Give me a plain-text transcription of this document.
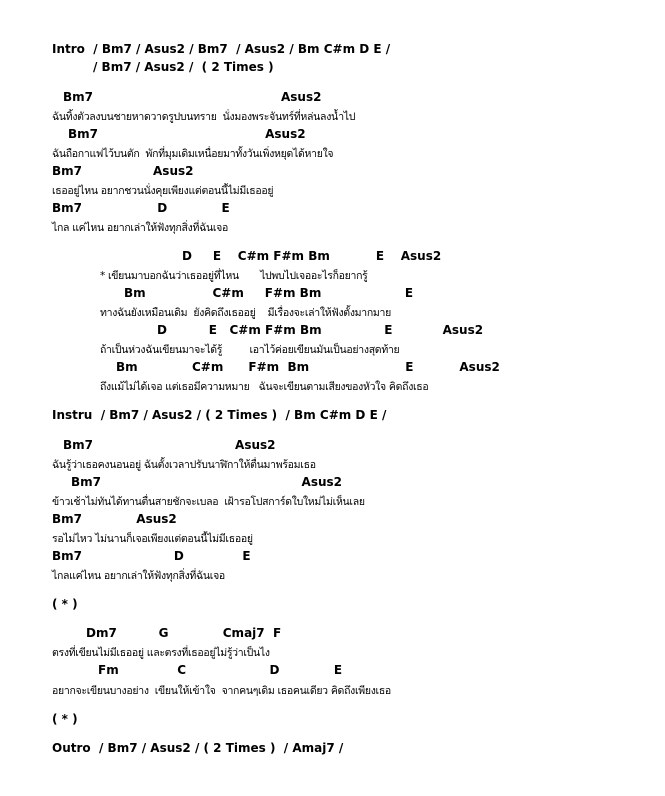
Intro  / Bm7 / Asus2 / Bm7  / Asus2 / Bm C#m D E /
/ Bm7 / Asus2 /  ( 2 Times )
Bm7                                             Asus2
ฉันทิ้งตัวลงบนชายหาดวาดรูปบนทราย  นั่งมองพระจันทร์ที่หล่นลงน้ำไป
Bm7                                        Asus2
ฉันถือกาแฟไว้บนตัก  พักที่มุมเดิมเหนื่อยมาทั้งวันเพิ่งหยุดได้หายใจ
Bm7                 Asus2
เธออยู่ไหน อยากชวนนั่งคุยเพียงแต่ตอนนี้ไม่มีเธออยู่
Bm7                  D             E
ไกล แค่ไหน อยากเล่าให้ฟังทุกสิ่งที่ฉันเจอ
D     E    C#m F#m Bm           E    Asus2
* เขียนมาบอกฉันว่าเธออยู่ที่ไหน       ไปพบไปเจออะไรก็อยากรู้
Bm                C#m     F#m Bm                    E
ทางฉันยังเหมือนเดิม  ยังคิดถึงเธออยู่    มีเรื่องจะเล่าให้ฟังตั้งมากมาย
D          E   C#m F#m Bm               E            Asus2
ถ้าเป็นห่วงฉันเขียนมาจะได้รู้         เอาไว้ค่อยเขียนมันเป็นอย่างสุดท้าย
Bm             C#m      F#m  Bm                       E           Asus2
ถึงแม้ไม่ได้เจอ แต่เธอมีความหมาย   ฉันจะเขียนตามเสียงของหัวใจ คิดถึงเธอ
Instru  / Bm7 / Asus2 / ( 2 Times )  / Bm C#m D E /
Bm7                                  Asus2
ฉันรู้ว่าเธอคงนอนอยู่ ฉันตั้งเวลาปรับนาฬิกาให้ตื่นมาพร้อมเธอ
Bm7                                                Asus2
ข้าวเช้าไม่ทันได้ทานตื่นสายชักจะเบลอ  เฝ้ารอโปสการ์ดใบใหม่ไม่เห็นเลย
Bm7             Asus2
รอไม่ไหว ไม่นานก็เจอเพียงแต่ตอนนี้ไม่มีเธออยู่
Bm7                      D              E
ไกลแค่ไหน อยากเล่าให้ฟังทุกสิ่งที่ฉันเจอ
( * )
Dm7          G             Cmaj7  F
ตรงที่เขียนไม่มีเธออยู่ และตรงที่เธออยู่ไม่รู้ว่าเป็นไง
Fm              C                    D             E
อยากจะเขียนบางอย่าง  เขียนให้เข้าใจ  จากคนๆเดิม เธอคนเดียว คิดถึงเพียงเธอ
( * )
Outro  / Bm7 / Asus2 / ( 2 Times )  / Amaj7 /
